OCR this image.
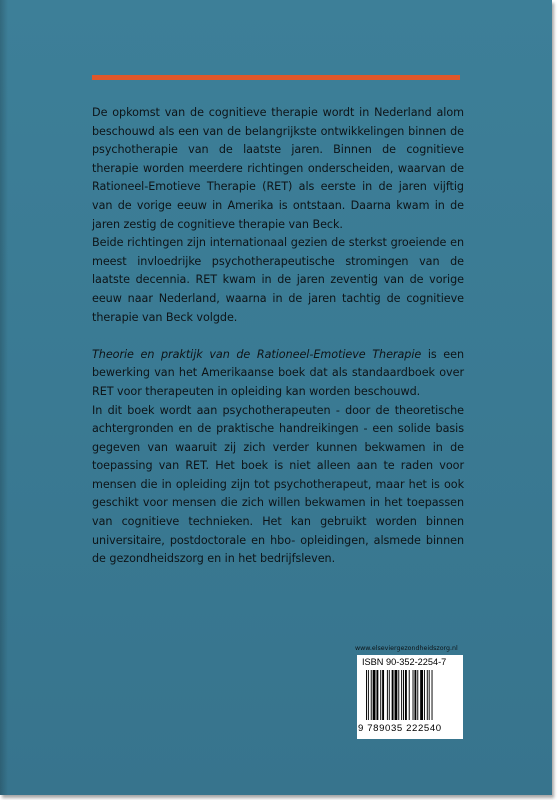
De opkomst van de cognitieve therapie wordt in Nederland alom beschouwd als een van de belangrijkste ontwikkelingen binnen de psychotherapie van de laatste jaren. Binnen de cognitieve therapie worden meerdere richtingen onderscheiden, waarvan de Rationeel-Emotieve Therapie (RET) als eerste in de jaren vijftig van de vorige eeuw in Amerika is ontstaan. Daarna kwam in de jaren zestig de cognitieve therapie van Beck.

Beide richtingen zijn internationaal gezien de sterkst groeiende en meest invloedrijke psychotherapeutische stromingen van de laatste decennia. RET kwam in de jaren zeventig van de vorige eeuw naar Nederland, waarna in de jaren tachtig de cognitieve therapie van Beck volgde.

Theorie en praktijk van de Rationeel-Emotieve Therapie is een bewerking van het Amerikaanse boek dat als standaardboek over RET voor therapeuten in opleiding kan worden beschouwd.

In dit boek wordt aan psychotherapeuten - door de theoretische achtergronden en de praktische handreikingen - een solide basis gegeven van waaruit zij zich verder kunnen bekwamen in de toepassing van RET. Het boek is niet alleen aan te raden voor mensen die in opleiding zijn tot psychotherapeut, maar het is ook geschikt voor mensen die zich willen bekwamen in het toepassen van cognitieve technieken. Het kan gebruikt worden binnen universitaire, postdoctorale en hbo- opleidingen, alsmede binnen de gezondheidszorg en in het bedrijfsleven.

www.elseviergezondheidszorg.nl
ISBN 90-352-2254-7
9 789035 222540
